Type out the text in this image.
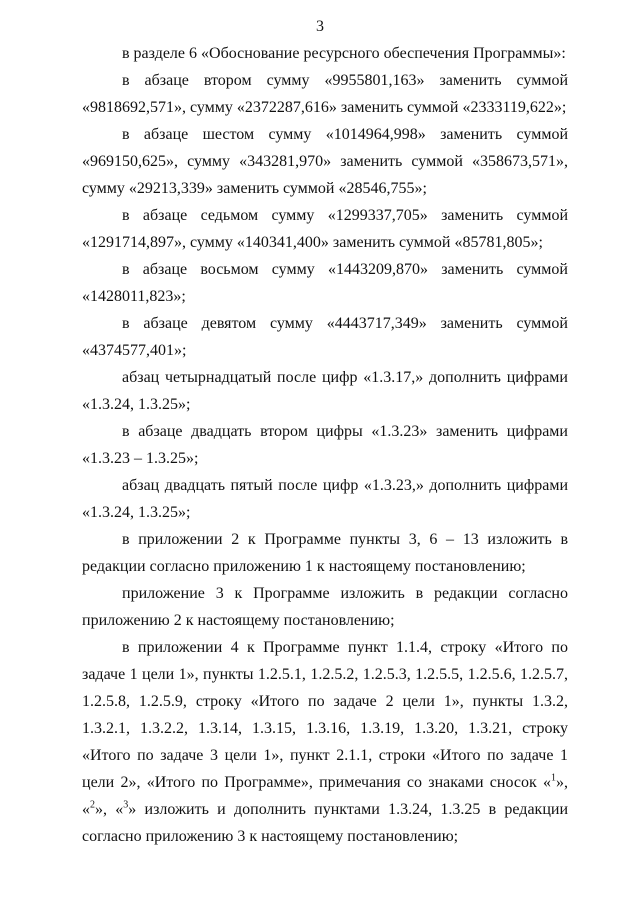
3

в разделе 6 «Обоснование ресурсного обеспечения Программы»:

в абзаце втором сумму «9955801,163» заменить суммой «9818692,571», сумму «2372287,616» заменить суммой «2333119,622»;

в абзаце шестом сумму «1014964,998» заменить суммой «969150,625», сумму «343281,970» заменить суммой «358673,571», сумму «29213,339» заменить суммой «28546,755»;

в абзаце седьмом сумму «1299337,705» заменить суммой «1291714,897», сумму «140341,400» заменить суммой «85781,805»;

в абзаце восьмом сумму «1443209,870» заменить суммой «1428011,823»;

в абзаце девятом сумму «4443717,349» заменить суммой «4374577,401»;

абзац четырнадцатый после цифр «1.3.17,» дополнить цифрами «1.3.24, 1.3.25»;

в абзаце двадцать втором цифры «1.3.23» заменить цифрами «1.3.23 – 1.3.25»;

абзац двадцать пятый после цифр «1.3.23,» дополнить цифрами «1.3.24, 1.3.25»;

в приложении 2 к Программе пункты 3, 6 – 13 изложить в редакции согласно приложению 1 к настоящему постановлению;

приложение 3 к Программе изложить в редакции согласно приложению 2 к настоящему постановлению;

в приложении 4 к Программе пункт 1.1.4, строку «Итого по задаче 1 цели 1», пункты 1.2.5.1, 1.2.5.2, 1.2.5.3, 1.2.5.5, 1.2.5.6, 1.2.5.7, 1.2.5.8, 1.2.5.9, строку «Итого по задаче 2 цели 1», пункты 1.3.2, 1.3.2.1, 1.3.2.2, 1.3.14, 1.3.15, 1.3.16, 1.3.19, 1.3.20, 1.3.21, строку «Итого по задаче 3 цели 1», пункт 2.1.1, строки «Итого по задаче 1 цели 2», «Итого по Программе», примечания со знаками сносок «$^1$», «$^2$», «$^3$» изложить и дополнить пунктами 1.3.24, 1.3.25 в редакции согласно приложению 3 к настоящему постановлению;
